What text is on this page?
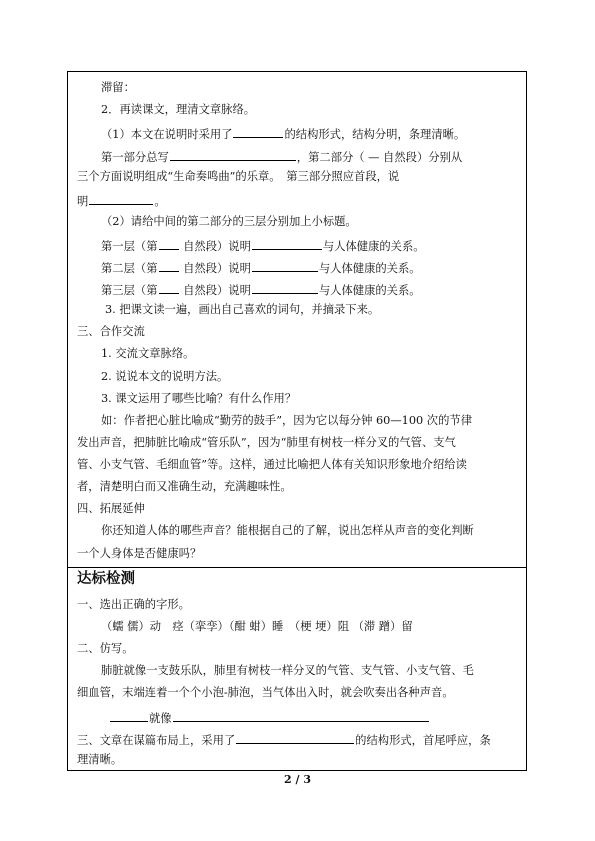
滞留：
2．再读课文，理清文章脉络。
（1）本文在说明时采用了	的结构形式，结构分明，条理清晰。
第一部分总写	，第二部分（ — 自然段）分别从
三个方面说明组成“生命奏鸣曲”的乐章。　第三部分照应首段，说
明	。
（2）请给中间的第二部分的三层分别加上小标题。
第一层（第 自然段）说明	与人体健康的关系。
第二层（第 自然段）说明	与人体健康的关系。
第三层（第 自然段）说明	与人体健康的关系。
3. 把课文读一遍，画出自己喜欢的词句，并摘录下来。
三、合作交流
1. 交流文章脉络。
2. 说说本文的说明方法。
3. 课文运用了哪些比喻？有什么作用？
如：作者把心脏比喻成“勤劳的鼓手”，因为它以每分钟 60—100 次的节律
发出声音，把肺脏比喻成“管乐队”，因为“肺里有树枝一样分叉的气管、支气
管、小支气管、毛细血管”等。这样，通过比喻把人体有关知识形象地介绍给读
者，清楚明白而又准确生动，充满趣味性。
四、拓展延伸
你还知道人体的哪些声音？能根据自己的了解，说出怎样从声音的变化判断
一个人身体是否健康吗？
达标检测
一、选出正确的字形。
（蠕 儒）动　痉（挛孪）（酣 蚶）睡　（梗 埂）阻 （滞 蹭）留
二、仿写。
肺脏就像一支鼓乐队，肺里有树枝一样分叉的气管、支气管、小支气管、毛
细血管，末端连着一个个小泡-肺泡，当气体出入时，就会吹奏出各种声音。
就像
三、文章在谋篇布局上，采用了	的结构形式，首尾呼应，条
理清晰。
2 / 3
